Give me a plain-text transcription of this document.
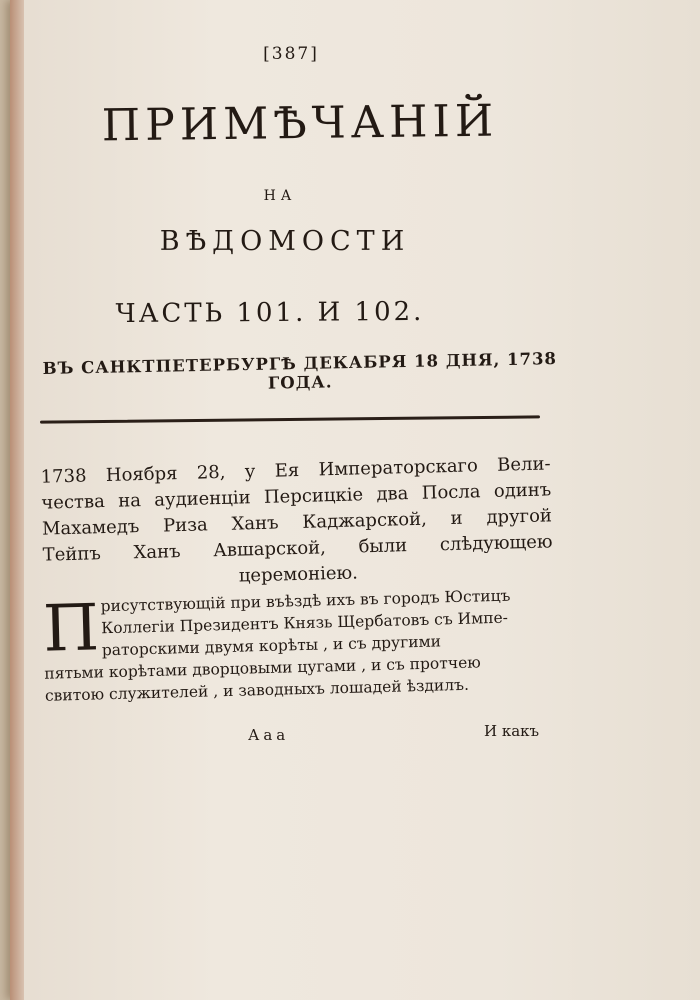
[387]
ПРИМѢЧАНІЙ
НА
ВѢДОМОСТИ
ЧАСТЬ 101. И 102.
ВЪ САНКТПЕТЕРБУРГѢ ДЕКАБРЯ 18 ДНЯ, 1738 ГОДА.
1738 Ноября 28, у Ея Императорскаго Вели-
чества на аудиенціи Персицкіе два Посла одинъ
Махамедъ Риза Ханъ Каджарской, и другой
Тейпъ Ханъ Авшарской, были слѣдующею
церемоніею.
П рисутствующій при въѣздѣ ихъ въ городъ Юстицъ
Коллегіи Президентъ Князь Щербатовъ съ Импе-
раторскими двумя корѣты , и съ другими
пятьми корѣтами дворцовыми цугами , и съ протчею
свитою служителей , и заводныхъ лошадей ѣздилъ.
Ааа	И какъ
